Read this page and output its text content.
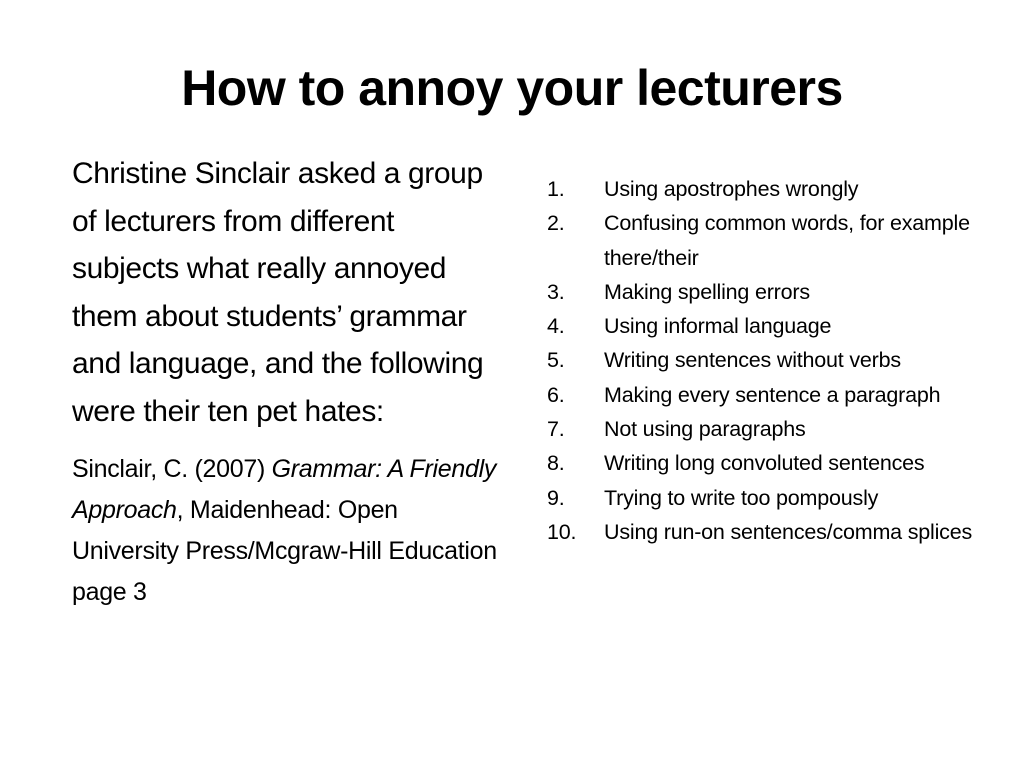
How to annoy your lecturers

Christine Sinclair asked a group of lecturers from different subjects what really annoyed them about students’ grammar and language, and the following were their ten pet hates:

Sinclair, C. (2007) Grammar: A Friendly Approach, Maidenhead: Open University Press/Mcgraw-Hill Education page 3
1.	Using apostrophes wrongly
2.	Confusing common words, for example there/their
3.	Making spelling errors
4.	Using informal language
5.	Writing sentences without verbs
6.	Making every sentence a paragraph
7.	Not using paragraphs
8.	Writing long convoluted sentences
9.	Trying to write too pompously
10.	Using run-on sentences/comma splices
